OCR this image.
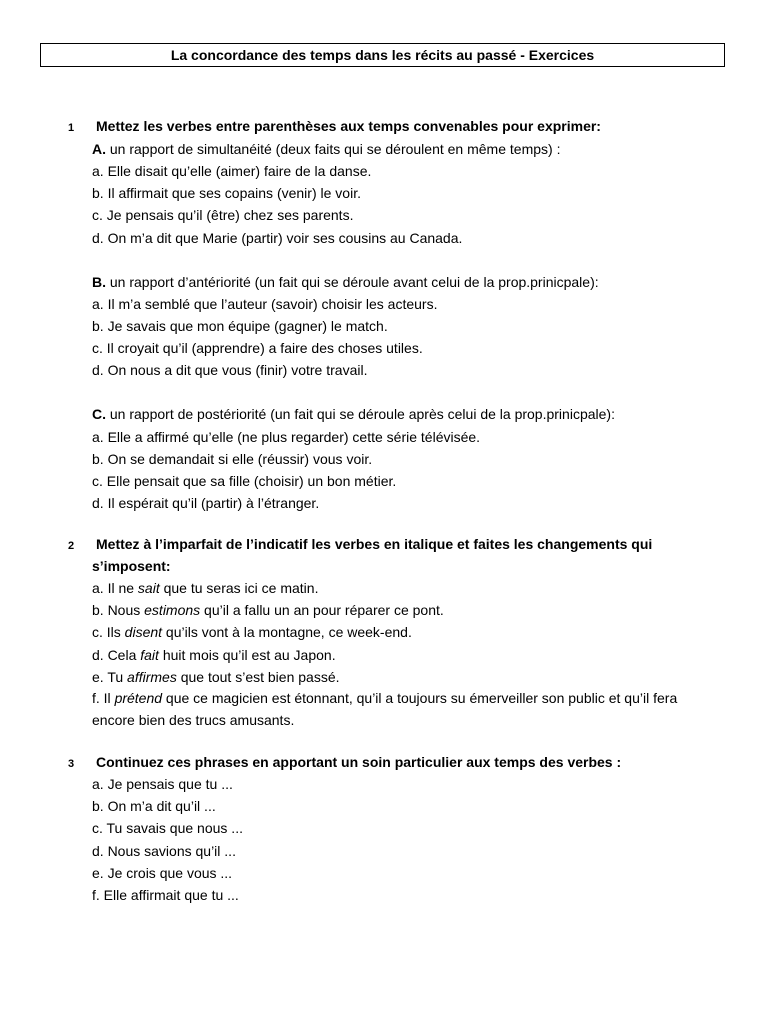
La concordance des temps dans les récits au passé - Exercices
1 Mettez les verbes entre parenthèses aux temps convenables pour exprimer:
A. un rapport de simultanéité (deux faits qui se déroulent en même temps) :
a. Elle disait qu’elle (aimer) faire de la danse.
b. Il affirmait que ses copains (venir) le voir.
c. Je pensais qu’il (être) chez ses parents.
d. On m’a dit que Marie (partir) voir ses cousins au Canada.
B. un rapport d’antériorité (un fait qui se déroule avant celui de la prop.prinicpale):
a. Il m’a semblé que l’auteur (savoir) choisir les acteurs.
b. Je savais que mon équipe (gagner) le match.
c. Il croyait qu’il (apprendre) a faire des choses utiles.
d. On nous a dit que vous (finir) votre travail.
C. un rapport de postériorité (un fait qui se déroule après celui de la prop.prinicpale):
a. Elle a affirmé qu’elle (ne plus regarder) cette série télévisée.
b. On se demandait si elle (réussir) vous voir.
c. Elle pensait que sa fille (choisir) un bon métier.
d. Il espérait qu’il (partir) à l’étranger.
2 Mettez à l’imparfait de l’indicatif les verbes en italique et faites les changements qui
s’imposent:
a. Il ne sait que tu seras ici ce matin.
b. Nous estimons qu’il a fallu un an pour réparer ce pont.
c. Ils disent qu’ils vont à la montagne, ce week-end.
d. Cela fait huit mois qu’il est au Japon.
e. Tu affirmes que tout s’est bien passé.
f. Il prétend que ce magicien est étonnant, qu’il a toujours su émerveiller son public et qu’il fera encore bien des trucs amusants.
3 Continuez ces phrases en apportant un soin particulier aux temps des verbes :
a. Je pensais que tu ...
b. On m’a dit qu’il ...
c. Tu savais que nous ...
d. Nous savions qu’il ...
e. Je crois que vous ...
f. Elle affirmait que tu ...
